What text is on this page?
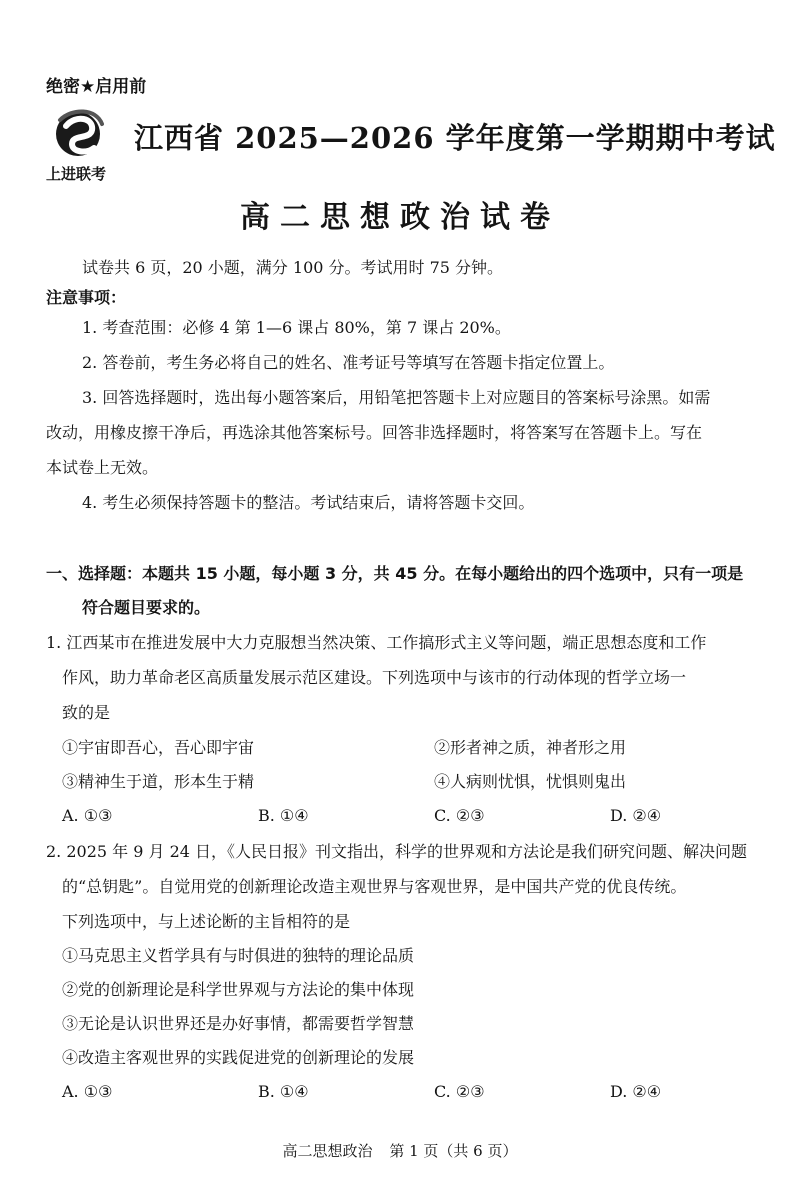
绝密★启用前
上进联考
江西省 2025—2026 学年度第一学期期中考试
高二思想政治试卷
试卷共 6 页，20 小题，满分 100 分。考试用时 75 分钟。
注意事项：
1. 考查范围：必修 4 第 1—6 课占 80%，第 7 课占 20%。
2. 答卷前，考生务必将自己的姓名、准考证号等填写在答题卡指定位置上。
3. 回答选择题时，选出每小题答案后，用铅笔把答题卡上对应题目的答案标号涂黑。如需
改动，用橡皮擦干净后，再选涂其他答案标号。回答非选择题时，将答案写在答题卡上。写在
本试卷上无效。
4. 考生必须保持答题卡的整洁。考试结束后，请将答题卡交回。
一、选择题：本题共 15 小题，每小题 3 分，共 45 分。在每小题给出的四个选项中，只有一项是
符合题目要求的。
1. 江西某市在推进发展中大力克服想当然决策、工作搞形式主义等问题，端正思想态度和工作
作风，助力革命老区高质量发展示范区建设。下列选项中与该市的行动体现的哲学立场一
致的是
①宇宙即吾心，吾心即宇宙	②形者神之质，神者形之用
③精神生于道，形本生于精	④人病则忧惧，忧惧则鬼出
A. ①③	B. ①④	C. ②③	D. ②④
2. 2025 年 9 月 24 日，《人民日报》刊文指出，科学的世界观和方法论是我们研究问题、解决问题
的“总钥匙”。自觉用党的创新理论改造主观世界与客观世界，是中国共产党的优良传统。
下列选项中，与上述论断的主旨相符的是
①马克思主义哲学具有与时俱进的独特的理论品质
②党的创新理论是科学世界观与方法论的集中体现
③无论是认识世界还是办好事情，都需要哲学智慧
④改造主客观世界的实践促进党的创新理论的发展
A. ①③	B. ①④	C. ②③	D. ②④
高二思想政治 第 1 页（共 6 页）
